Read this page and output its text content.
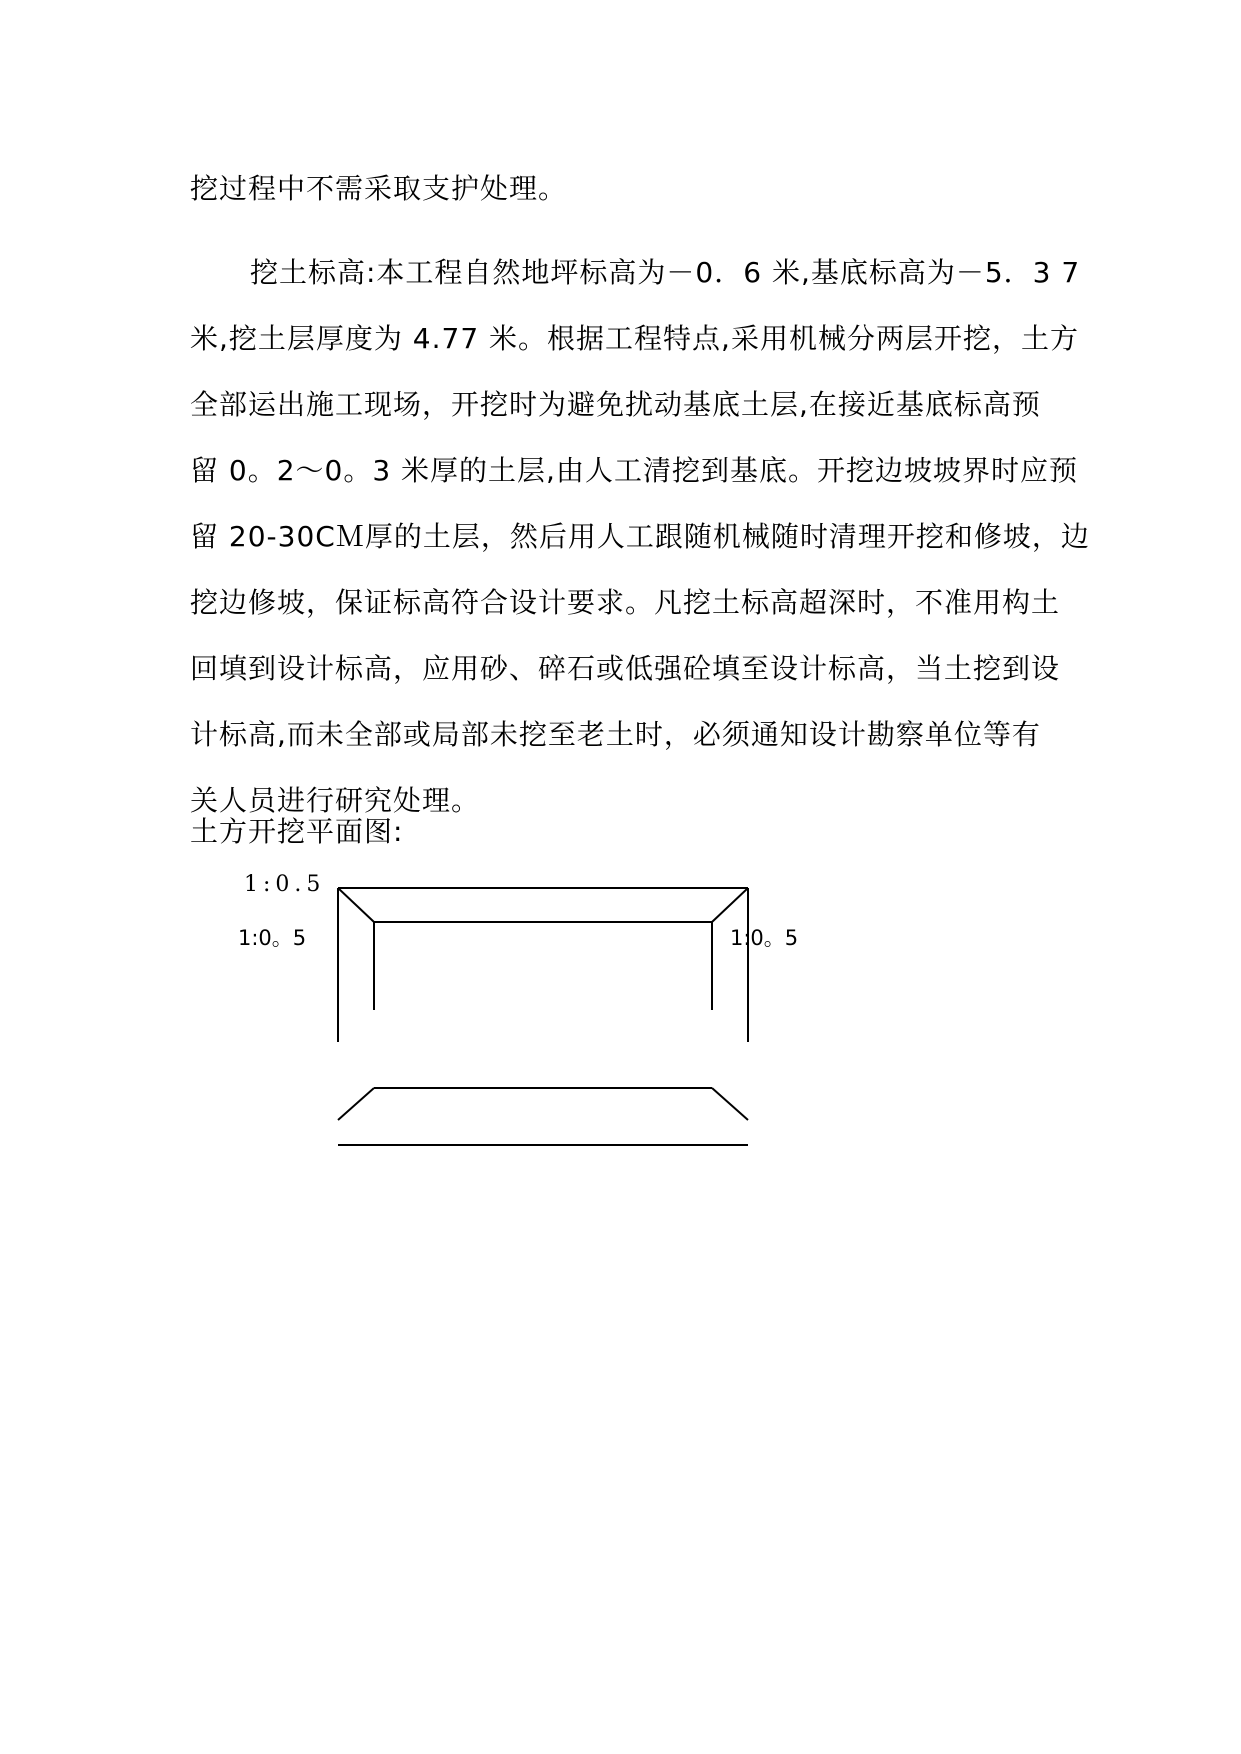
挖过程中不需采取支护处理。
挖土标高:本工程自然地坪标高为－0．6 米,基底标高为－5．3 7
米,挖土层厚度为 4.77 米。根据工程特点,采用机械分两层开挖，土方
全部运出施工现场，开挖时为避免扰动基底土层,在接近基底标高预
留 0。2～0。3 米厚的土层,由人工清挖到基底。开挖边坡坡界时应预
留 20-30CＭ厚的土层，然后用人工跟随机械随时清理开挖和修坡，边
挖边修坡，保证标高符合设计要求。凡挖土标高超深时，不准用构土
回填到设计标高，应用砂、碎石或低强砼填至设计标高，当土挖到设
计标高,而未全部或局部未挖至老土时，必须通知设计勘察单位等有
关人员进行研究处理。
土方开挖平面图:
1:0.5
1:0。5	1:0。5
